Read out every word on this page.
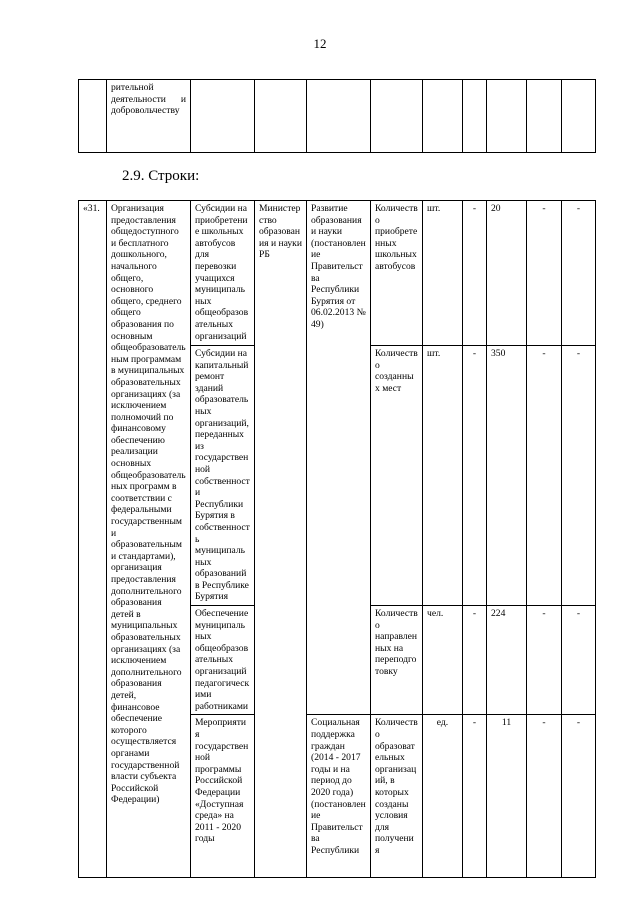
12
	рительной деятельности и добровольчеству									
2.9. Строки:
«31.	Организация предоставления общедоступного и бесплатного дошкольного, начального общего, основного общего, среднего общего образования по основным общеобразовательным программам в муниципальных образовательных организациях (за исключением полномочий по финансовому обеспечению реализации основных общеобразовательных программ в соответствии с федеральными государственными образовательными стандартами), организация предоставления дополнительного образования детей в муниципальных образовательных организациях (за исключением дополнительного образования детей, финансовое обеспечение которого осуществляется органами государственной власти субъекта Российской Федерации)	Субсидии на приобретение школьных автобусов для перевозки учащихся муниципальных общеобразовательных организаций	Министерство образования и науки РБ	Развитие образования и науки (постановление Правительства Республики Бурятия от 06.02.2013 № 49)	Количество приобретенных школьных автобусов	шт.	-	20	-	-
		Субсидии на капитальный ремонт зданий образовательных организаций, переданных из государственной собственности Республики Бурятия в собственность муниципальных образований в Республике Бурятия			Количество созданных мест	шт.	-	350	-	-
		Обеспечение муниципальных общеобразовательных организаций педагогическими работниками			Количество направленных на переподготовку	чел.	-	224	-	-
		Мероприятия государственной программы Российской Федерации «Доступная среда» на 2011 - 2020 годы		Социальная поддержка граждан (2014 - 2017 годы и на период до 2020 года) (постановление Правительства Республики	Количество образовательных организаций, в которых созданы условия для получения	ед.	-	11	-	-
